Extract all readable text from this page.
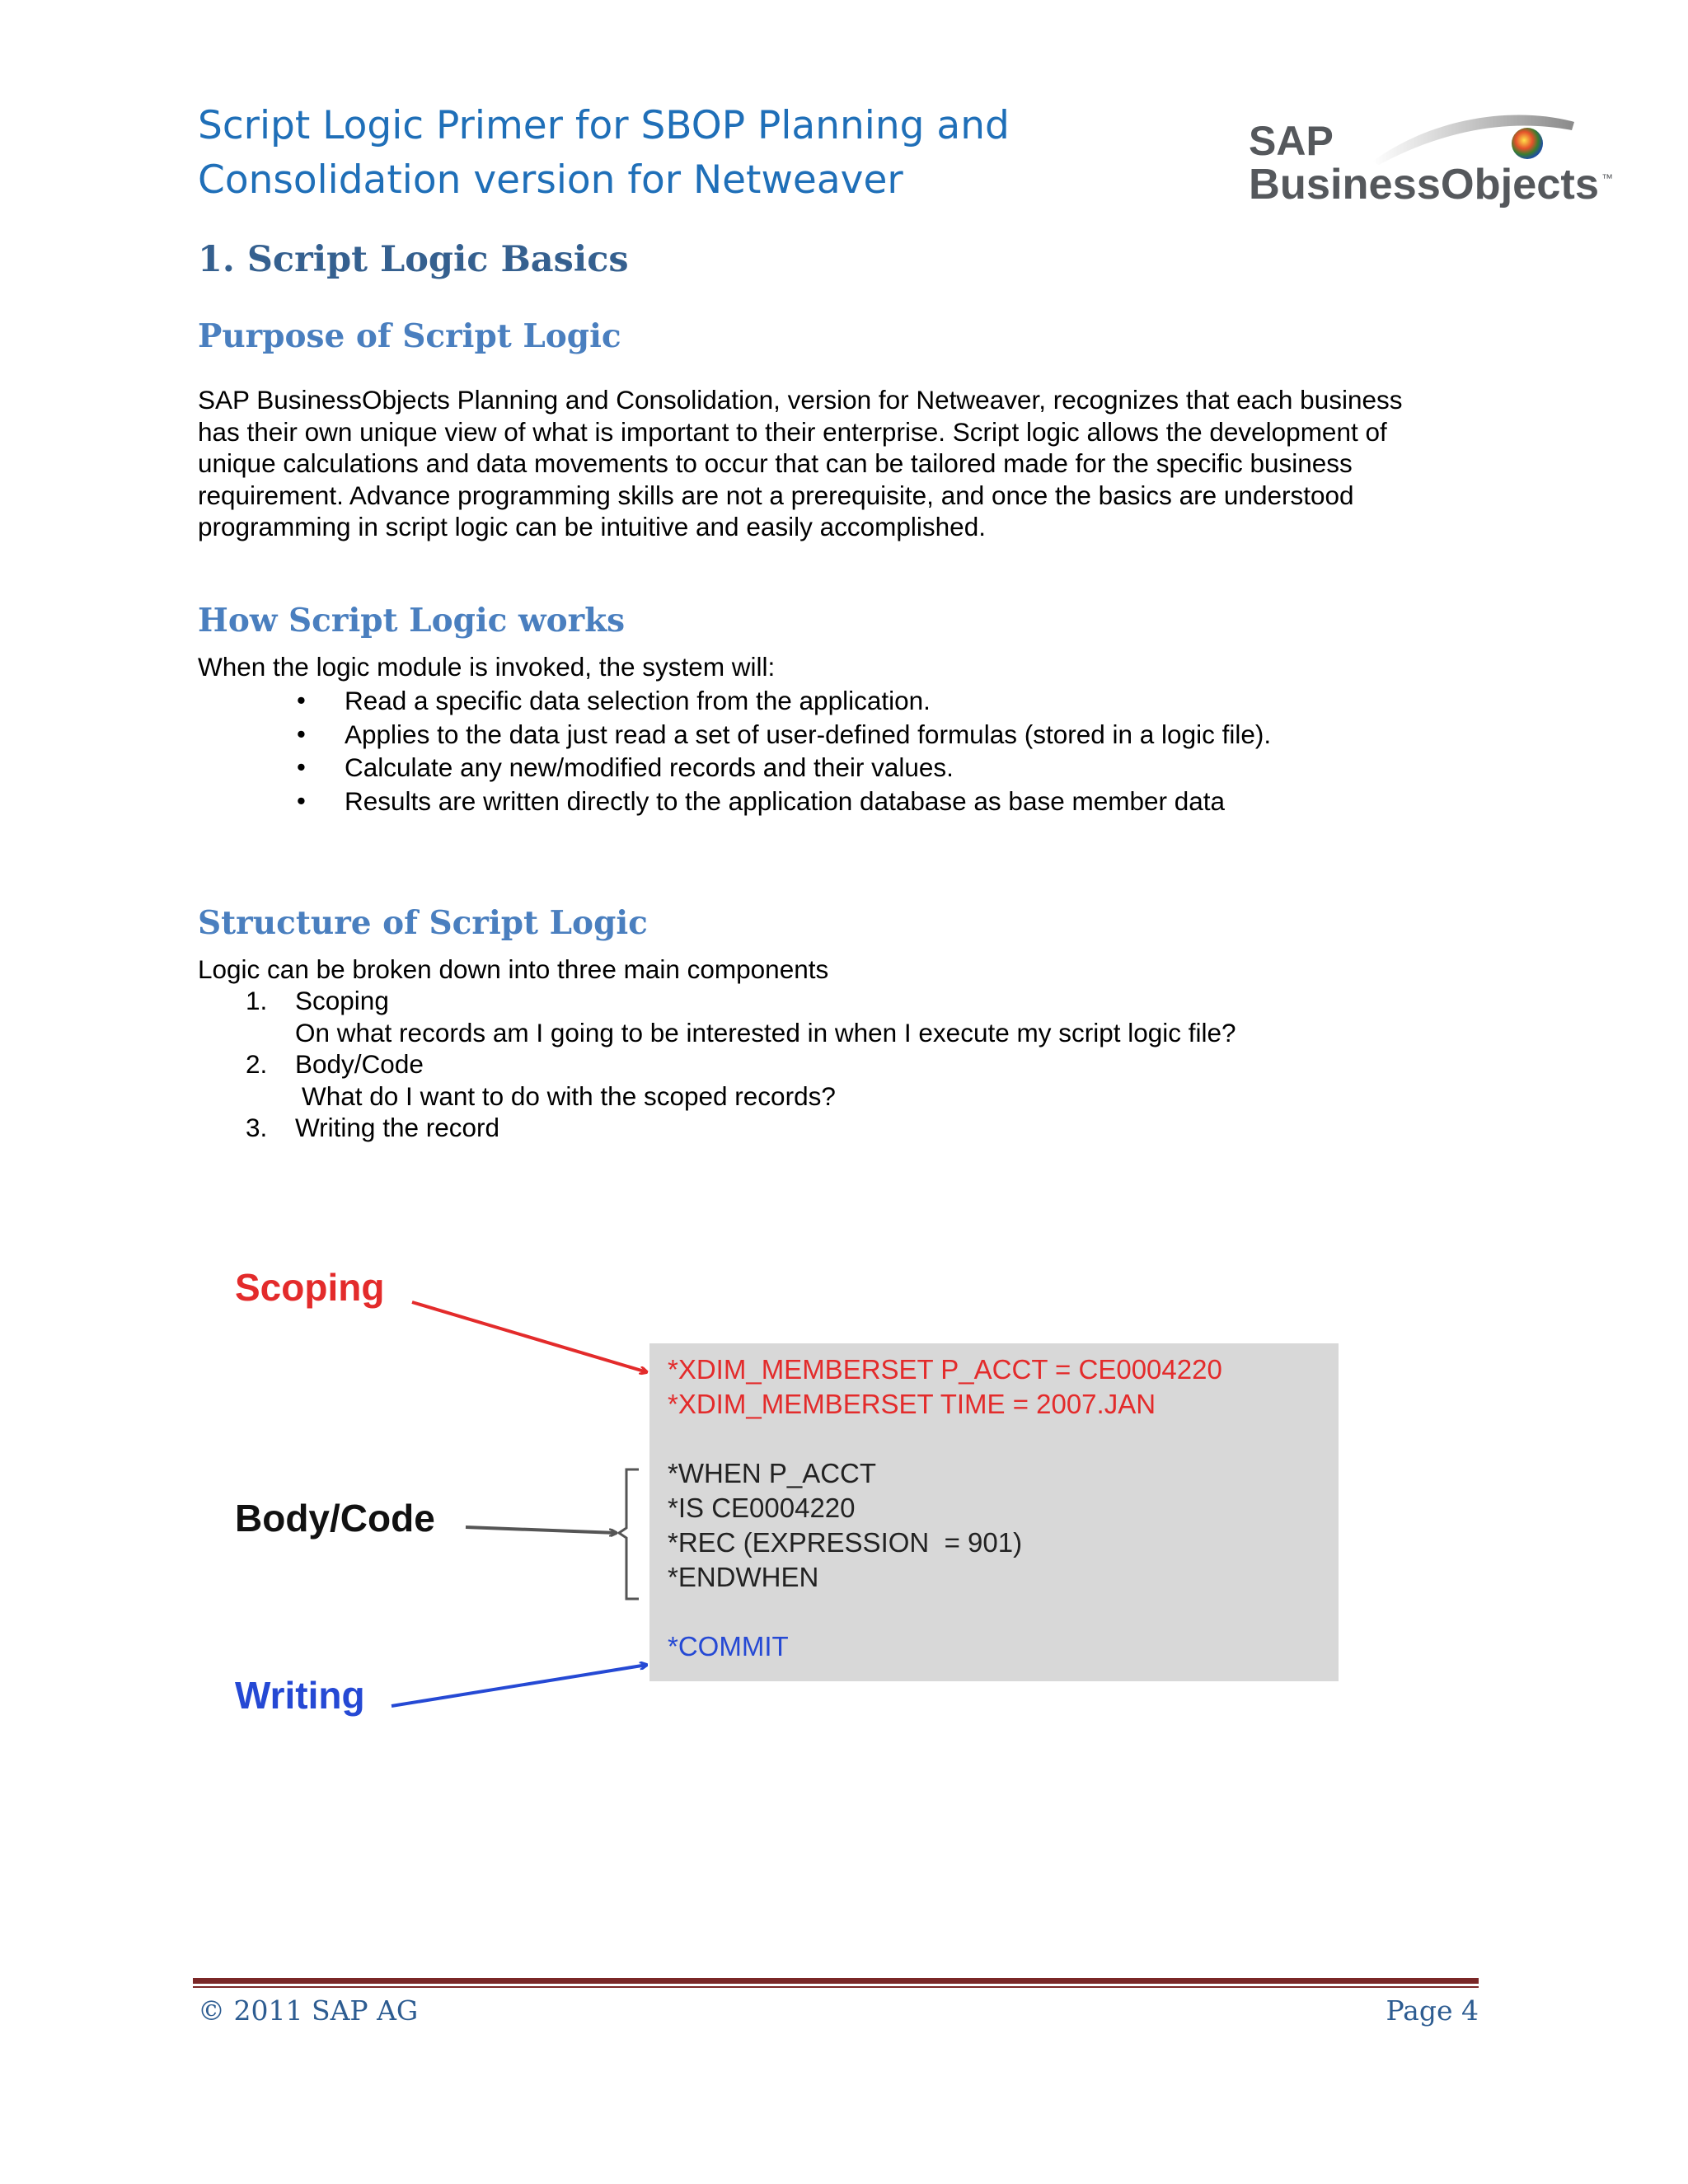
Script Logic Primer for SBOP Planning and
Consolidation version for Netweaver
SAP
BusinessObjects ™
1. Script Logic Basics
Purpose of Script Logic
SAP BusinessObjects Planning and Consolidation, version for Netweaver, recognizes that each business
has their own unique view of what is important to their enterprise. Script logic allows the development of
unique calculations and data movements to occur that can be tailored made for the specific business
requirement. Advance programming skills are not a prerequisite, and once the basics are understood
programming in script logic can be intuitive and easily accomplished.
How Script Logic works
When the logic module is invoked, the system will:
• Read a specific data selection from the application.
• Applies to the data just read a set of user-defined formulas (stored in a logic file).
• Calculate any new/modified records and their values.
• Results are written directly to the application database as base member data
Structure of Script Logic
Logic can be broken down into three main components
1.	Scoping
On what records am I going to be interested in when I execute my script logic file?
2.	Body/Code
What do I want to do with the scoped records?
3.	Writing the record
Scoping
Body/Code
Writing
*XDIM_MEMBERSET P_ACCT = CE0004220
*XDIM_MEMBERSET TIME = 2007.JAN
*WHEN P_ACCT
*IS CE0004220
*REC (EXPRESSION  = 901)
*ENDWHEN
*COMMIT
© 2011 SAP AG	Page 4
